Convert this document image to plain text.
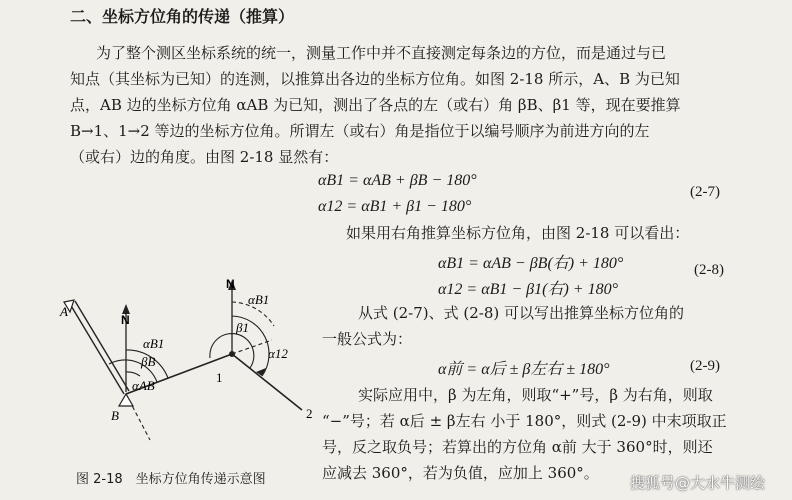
二、坐标方位角的传递（推算）
为了整个测区坐标系统的统一，测量工作中并不直接测定每条边的方位，而是通过与已
知点（其坐标为已知）的连测，以推算出各边的坐标方位角。如图 2-18 所示，A、B 为已知
点，AB 边的坐标方位角 αAB 为已知，测出了各点的左（或右）角 βB、β1 等，现在要推算
B→1、1→2 等边的坐标方位角。所谓左（或右）角是指位于以编号顺序为前进方向的左
（或右）边的角度。由图 2-18 显然有：
αB1 = αAB + βB − 180°
(2-7)
α12 = αB1 + β1 − 180°
如果用右角推算坐标方位角，由图 2-18 可以看出：
αB1 = αAB − βB(右) + 180°	(2-8)
α12 = αB1 − β1(右) + 180°
从式 (2-7)、式 (2-8) 可以写出推算坐标方位角的
一般公式为：
α前 = α后 ± β左右 ± 180°	(2-9)
实际应用中，β 为左角，则取“+”号，β 为右角，则取
“−”号；若 α后 ± β左右 小于 180°，则式 (2-9) 中末项取正
号，反之取负号；若算出的方位角 α前 大于 360°时，则还
应减去 360°，若为负值，应加上 360°。
A
B
N
N
αB1
βB
αAB
1
2
αB1
β1
α12
图 2-18　坐标方位角传递示意图	搜狐号@大水牛测绘
